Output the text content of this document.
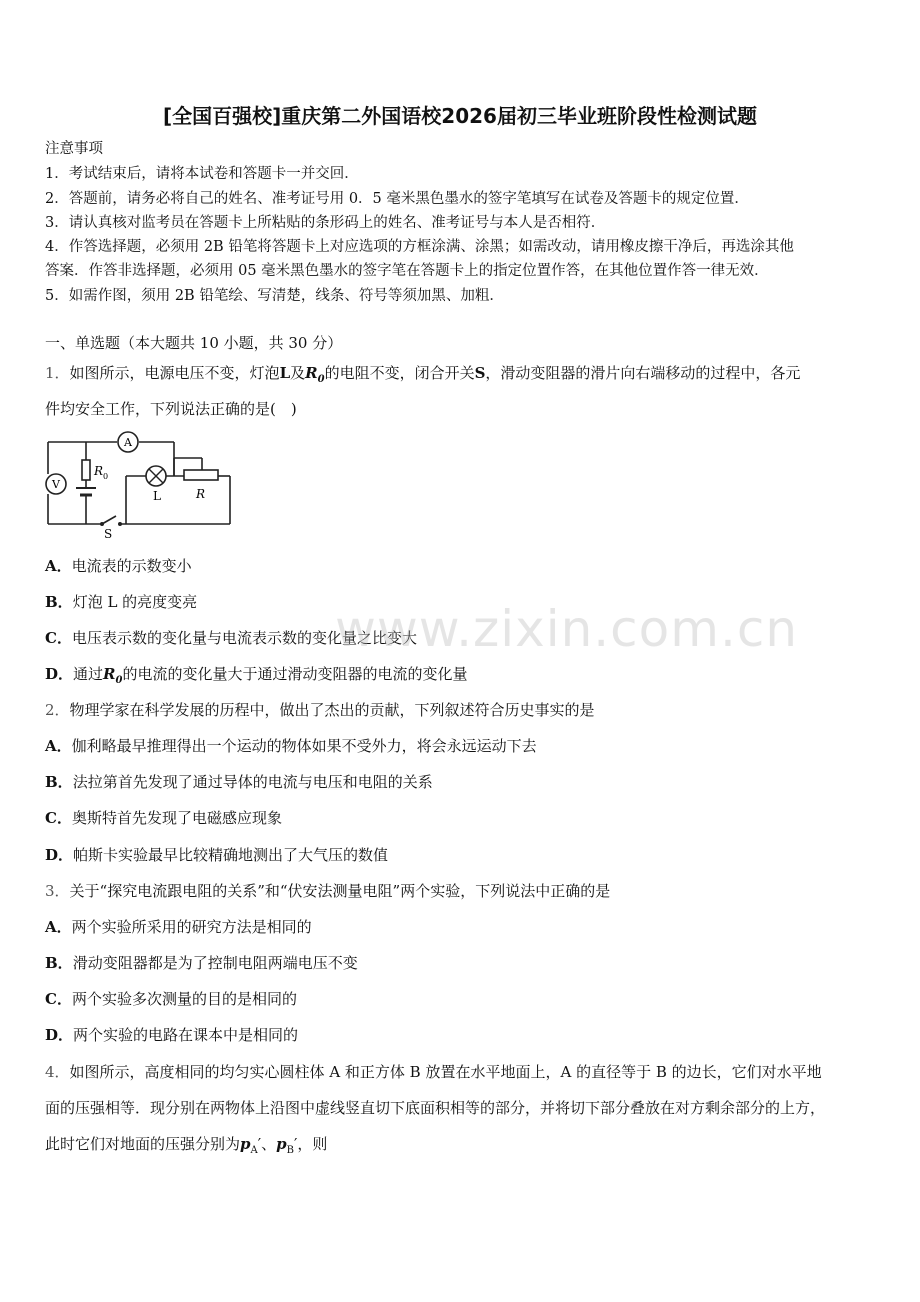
[全国百强校]重庆第二外国语校2026届初三毕业班阶段性检测试题
注意事项
1．考试结束后，请将本试卷和答题卡一并交回．
2．答题前，请务必将自己的姓名、准考证号用 0．5 毫米黑色墨水的签字笔填写在试卷及答题卡的规定位置．
3．请认真核对监考员在答题卡上所粘贴的条形码上的姓名、准考证号与本人是否相符．
4．作答选择题，必须用 2B 铅笔将答题卡上对应选项的方框涂满、涂黑；如需改动，请用橡皮擦干净后，再选涂其他
答案．作答非选择题，必须用 05 毫米黑色墨水的签字笔在答题卡上的指定位置作答，在其他位置作答一律无效．
5．如需作图，须用 2B 铅笔绘、写清楚，线条、符号等须加黑、加粗．
一、单选题（本大题共 10 小题，共 30 分）
1．如图所示，电源电压不变，灯泡L及$R_0$的电阻不变，闭合开关S，滑动变阻器的滑片向右端移动的过程中，各元
件均安全工作，下列说法正确的是(　)
A
V
R 0
L	R
S
A．电流表的示数变小
B．灯泡 L 的亮度变亮
C．电压表示数的变化量与电流表示数的变化量之比变大
D．通过$R_0$的电流的变化量大于通过滑动变阻器的电流的变化量
2．物理学家在科学发展的历程中，做出了杰出的贡献，下列叙述符合历史事实的是
A．伽利略最早推理得出一个运动的物体如果不受外力，将会永远运动下去
B．法拉第首先发现了通过导体的电流与电压和电阻的关系
C．奥斯特首先发现了电磁感应现象
D．帕斯卡实验最早比较精确地测出了大气压的数值
3．关于“探究电流跟电阻的关系”和“伏安法测量电阻”两个实验，下列说法中正确的是
A．两个实验所采用的研究方法是相同的
B．滑动变阻器都是为了控制电阻两端电压不变
C．两个实验多次测量的目的是相同的
D．两个实验的电路在课本中是相同的
4．如图所示，高度相同的均匀实心圆柱体 A 和正方体 B 放置在水平地面上，A 的直径等于 B 的边长，它们对水平地
面的压强相等．现分别在两物体上沿图中虚线竖直切下底面积相等的部分，并将切下部分叠放在对方剩余部分的上方，
此时它们对地面的压强分别为$p_A'$、$p_B'$，则
www.zixin.com.cn
